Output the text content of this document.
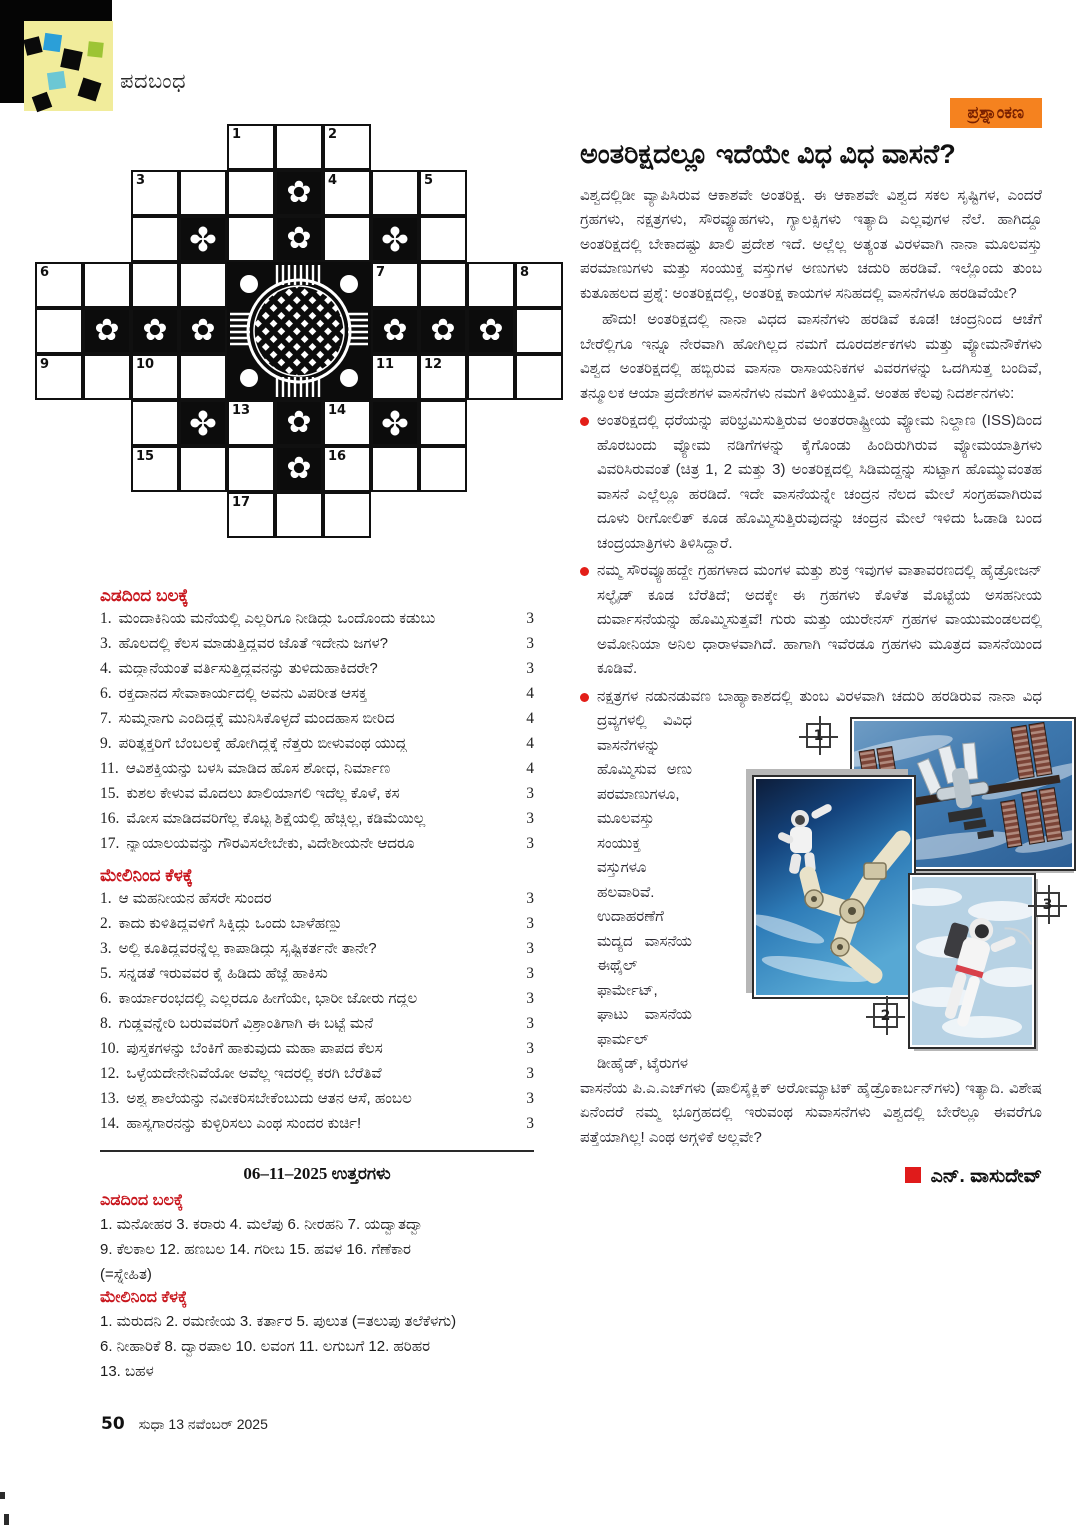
ಪದಬಂಧ
1	2
3	✿ 4	5
✤ ✿ ✤
6	7	8
✿ ✿ ✿	✿ ✿ ✿
9	10	11 12
✤ 13 ✿ 14 ✤
15	✿ 16
17
ಎಡದಿಂದ ಬಲಕ್ಕೆ
1. ಮಂದಾಕಿನಿಯ ಮನೆಯಲ್ಲಿ ಎಲ್ಲರಿಗೂ ನೀಡಿದ್ದು ಒಂದೊಂದು ಕಡುಬು	3
3. ಹೊಲದಲ್ಲಿ ಕೆಲಸ ಮಾಡುತ್ತಿದ್ದವರ ಜೊತೆ ಇದೇನು ಜಗಳ?	3
4. ಮದ್ದಾನೆಯಂತೆ ವರ್ತಿಸುತ್ತಿದ್ದವನನ್ನು ತುಳಿದುಹಾಕಿದರೇ?	3
6. ರಕ್ತದಾನದ ಸೇವಾಕಾರ್ಯದಲ್ಲಿ ಅವನು ವಿಪರೀತ ಆಸಕ್ತ	4
7. ಸುಮ್ಮನಾಗು ಎಂದಿದ್ದಕ್ಕೆ ಮುನಿಸಿಕೊಳ್ಳದೆ ಮಂದಹಾಸ ಬೀರಿದ	4
9. ಪರಿತ್ಯಕ್ತರಿಗೆ ಬೆಂಬಲಕ್ಕೆ ಹೋಗಿದ್ದಕ್ಕೆ ನೆತ್ತರು ಬೀಳುವಂಥ ಯುದ್ಧ	4
11. ಆವಿಶಕ್ತಿಯನ್ನು ಬಳಸಿ ಮಾಡಿದ ಹೊಸ ಶೋಧ, ನಿರ್ಮಾಣ	4
15. ಕುಶಲ ಕೇಳುವ ಮೊದಲು ಖಾಲಿಯಾಗಲಿ ಇದೆಲ್ಲ ಕೊಳೆ, ಕಸ	3
16. ಮೋಸ ಮಾಡಿದವರಿಗೆಲ್ಲ ಕೊಟ್ಟ ಶಿಕ್ಷೆಯಲ್ಲಿ ಹೆಚ್ಚಿಲ್ಲ, ಕಡಿಮೆಯಿಲ್ಲ	3
17. ನ್ಯಾಯಾಲಯವನ್ನು ಗೌರವಿಸಲೇಬೇಕು, ವಿದೇಶೀಯನೇ ಆದರೂ	3
ಮೇಲಿನಿಂದ ಕೆಳಕ್ಕೆ
1. ಆ ಮಹನೀಯನ ಹೆಸರೇ ಸುಂದರ	3
2. ಕಾದು ಕುಳಿತಿದ್ದವಳಿಗೆ ಸಿಕ್ಕಿದ್ದು ಒಂದು ಬಾಳೆಹಣ್ಣು	3
3. ಅಲ್ಲಿ ಕೂತಿದ್ದವರನ್ನೆಲ್ಲ ಕಾಪಾಡಿದ್ದು ಸೃಷ್ಟಿಕರ್ತನೇ ತಾನೇ?	3
5. ಸನ್ನಡತೆ ಇರುವವರ ಕೈ ಹಿಡಿದು ಹೆಜ್ಜೆ ಹಾಕಿಸು	3
6. ಕಾರ್ಯಾರಂಭದಲ್ಲಿ ಎಲ್ಲರದೂ ಹೀಗೆಯೇ, ಭಾರೀ ಜೋರು ಗದ್ದಲ	3
8. ಗುಡ್ಡವನ್ನೇರಿ ಬರುವವರಿಗೆ ವಿಶ್ರಾಂತಿಗಾಗಿ ಈ ಬಟ್ಟೆ ಮನೆ	3
10. ಪುಸ್ತಕಗಳನ್ನು ಬೆಂಕಿಗೆ ಹಾಕುವುದು ಮಹಾ ಪಾಪದ ಕೆಲಸ	3
12. ಒಳ್ಳೆಯದೇನೇನಿವೆಯೋ ಅವೆಲ್ಲ ಇದರಲ್ಲಿ ಕರಗಿ ಬೆರೆತಿವೆ	3
13. ಅಶ್ವ ಶಾಲೆಯನ್ನು ನವೀಕರಿಸಬೇಕೆಂಬುದು ಆತನ ಆಸೆ, ಹಂಬಲ	3
14. ಹಾಸ್ಯಗಾರನನ್ನು ಕುಳ್ಳಿರಿಸಲು ಎಂಥ ಸುಂದರ ಕುರ್ಚಿ!	3
06–11–2025 ಉತ್ತರಗಳು
ಎಡದಿಂದ ಬಲಕ್ಕೆ
1. ಮನೋಹರ 3. ಕರಾರು 4. ಮಲೆಪು 6. ನೀರಹನಿ 7. ಯದ್ವಾತದ್ವಾ
9. ಕೆಲಕಾಲ 12. ಹಣಬಲ 14. ಗರೀಬ 15. ಹವಳ 16. ಗೆಣೆಕಾರ
(=ಸ್ನೇಹಿತ)
ಮೇಲಿನಿಂದ ಕೆಳಕ್ಕೆ
1. ಮರುದನಿ 2. ರಮಣೀಯ 3. ಕರ್ತಾರ 5. ಪುಲುತ (=ತಲುಪು ತಲೆಕೆಳಗು)
6. ನೀಹಾರಿಕೆ 8. ದ್ವಾರಪಾಲ 10. ಲವಂಗ 11. ಲಗುಬಗೆ 12. ಹರಿಹರ
13. ಬಹಳ
50 ಸುಧಾ 13 ನವೆಂಬರ್ 2025
ಪ್ರಶ್ನಾಂಕಣ
ಅಂತರಿಕ್ಷದಲ್ಲೂ ಇದೆಯೇ ವಿಧ ವಿಧ ವಾಸನೆ?

ವಿಶ್ವದಲ್ಲಿಡೀ ವ್ಯಾಪಿಸಿರುವ ಆಕಾಶವೇ ಅಂತರಿಕ್ಷ. ಈ ಆಕಾಶವೇ ವಿಶ್ವದ ಸಕಲ ಸೃಷ್ಟಿಗಳ, ಎಂದರೆ ಗ್ರಹಗಳು, ನಕ್ಷತ್ರಗಳು, ಸೌರವ್ಯೂಹಗಳು, ಗ್ಯಾಲಕ್ಸಿಗಳು ಇತ್ಯಾದಿ ಎಲ್ಲವುಗಳ ನೆಲೆ. ಹಾಗಿದ್ದೂ ಅಂತರಿಕ್ಷದಲ್ಲಿ ಬೇಕಾದಷ್ಟು ಖಾಲಿ ಪ್ರದೇಶ ಇದೆ. ಅಲ್ಲೆಲ್ಲ ಅತ್ಯಂತ ವಿರಳವಾಗಿ ನಾನಾ ಮೂಲವಸ್ತು ಪರಮಾಣುಗಳು ಮತ್ತು ಸಂಯುಕ್ತ ವಸ್ತುಗಳ ಅಣುಗಳು ಚದುರಿ ಹರಡಿವೆ. ಇಲ್ಲೊಂದು ತುಂಬ ಕುತೂಹಲದ ಪ್ರಶ್ನೆ: ಅಂತರಿಕ್ಷದಲ್ಲಿ, ಅಂತರಿಕ್ಷ ಕಾಯಗಳ ಸನಿಹದಲ್ಲಿ ವಾಸನೆಗಳೂ ಹರಡಿವೆಯೇ?

ಹೌದು! ಅಂತರಿಕ್ಷದಲ್ಲಿ ನಾನಾ ವಿಧದ ವಾಸನೆಗಳು ಹರಡಿವೆ ಕೂಡ! ಚಂದ್ರನಿಂದ ಆಚೆಗೆ ಬೇರೆಲ್ಲಿಗೂ ಇನ್ನೂ ನೇರವಾಗಿ ಹೋಗಿಲ್ಲದ ನಮಗೆ ದೂರದರ್ಶಕಗಳು ಮತ್ತು ವ್ಯೋಮನೌಕೆಗಳು ವಿಶ್ವದ ಅಂತರಿಕ್ಷದಲ್ಲಿ ಹಬ್ಬಿರುವ ವಾಸನಾ ರಾಸಾಯನಿಕಗಳ ವಿವರಗಳನ್ನು ಒದಗಿಸುತ್ತ ಬಂದಿವೆ, ತನ್ಮೂಲಕ ಆಯಾ ಪ್ರದೇಶಗಳ ವಾಸನೆಗಳು ನಮಗೆ ತಿಳಿಯುತ್ತಿವೆ. ಅಂತಹ ಕೆಲವು ನಿದರ್ಶನಗಳು:

ಅಂತರಿಕ್ಷದಲ್ಲಿ ಧರೆಯನ್ನು ಪರಿಭ್ರಮಿಸುತ್ತಿರುವ ಅಂತರರಾಷ್ಟ್ರೀಯ ವ್ಯೋಮ ನಿಲ್ದಾಣ (ISS)ದಿಂದ ಹೊರಬಂದು ವ್ಯೋಮ ನಡಿಗೆಗಳನ್ನು ಕೈಗೊಂಡು ಹಿಂದಿರುಗಿರುವ ವ್ಯೋಮಯಾತ್ರಿಗಳು ವಿವರಿಸಿರುವಂತೆ (ಚಿತ್ರ 1, 2 ಮತ್ತು 3) ಅಂತರಿಕ್ಷದಲ್ಲಿ ಸಿಡಿಮದ್ದನ್ನು ಸುಟ್ಟಾಗ ಹೊಮ್ಮುವಂತಹ ವಾಸನೆ ಎಲ್ಲೆಲ್ಲೂ ಹರಡಿದೆ. ಇದೇ ವಾಸನೆಯನ್ನೇ ಚಂದ್ರನ ನೆಲದ ಮೇಲೆ ಸಂಗ್ರಹವಾಗಿರುವ ದೂಳು ರೀಗೋಲಿತ್ ಕೂಡ ಹೊಮ್ಮಿಸುತ್ತಿರುವುದನ್ನು ಚಂದ್ರನ ಮೇಲೆ ಇಳಿದು ಓಡಾಡಿ ಬಂದ ಚಂದ್ರಯಾತ್ರಿಗಳು ತಿಳಿಸಿದ್ದಾರೆ.
ನಮ್ಮ ಸೌರವ್ಯೂಹದ್ದೇ ಗ್ರಹಗಳಾದ ಮಂಗಳ ಮತ್ತು ಶುಕ್ರ ಇವುಗಳ ವಾತಾವರಣದಲ್ಲಿ ಹೈಡ್ರೋಜನ್ ಸಲ್ಫೈಡ್ ಕೂಡ ಬೆರೆತಿದೆ; ಅದಕ್ಕೇ ಈ ಗ್ರಹಗಳು ಕೊಳೆತ ಮೊಟ್ಟೆಯ ಅಸಹನೀಯ ದುರ್ವಾಸನೆಯನ್ನು ಹೊಮ್ಮಿಸುತ್ತವೆ! ಗುರು ಮತ್ತು ಯುರೇನಸ್ ಗ್ರಹಗಳ ವಾಯುಮಂಡಲದಲ್ಲಿ ಅಮೋನಿಯಾ ಅನಿಲ ಧಾರಾಳವಾಗಿದೆ. ಹಾಗಾಗಿ ಇವೆರಡೂ ಗ್ರಹಗಳು ಮೂತ್ರದ ವಾಸನೆಯಿಂದ ಕೂಡಿವೆ.
ನಕ್ಷತ್ರಗಳ ನಡುನಡುವಣ ಬಾಹ್ಯಾಕಾಶದಲ್ಲಿ ತುಂಬ ವಿರಳವಾಗಿ
1
2
3
ಚದುರಿ ಹರಡಿರುವ ನಾನಾ ವಿಧ ದ್ರವ್ಯಗಳಲ್ಲಿ ವಿವಿಧ ವಾಸನೆಗಳನ್ನು ಹೊಮ್ಮಿಸುವ ಅಣು ಪರಮಾಣುಗಳೂ, ಮೂಲವಸ್ತು ಸಂಯುಕ್ತ ವಸ್ತುಗಳೂ ಹಲವಾರಿವೆ. ಉದಾಹರಣೆಗೆ ಮದ್ಯದ ವಾಸನೆಯ ಈಥೈಲ್ ಫಾರ್ಮೇಟ್, ಘಾಟು ವಾಸನೆಯ ಫಾರ್ಮಲ್ ಡೀಹೈಡ್, ಟೈರುಗಳ

ವಾಸನೆಯ ಪಿ.ಎ.ಎಚ್‌ಗಳು (ಪಾಲಿಸೈಕ್ಲಿಕ್ ಅರೋಮ್ಯಾಟಿಕ್ ಹೈಡ್ರೊಕಾರ್ಬನ್‌ಗಳು) ಇತ್ಯಾದಿ. ವಿಶೇಷ ಏನೆಂದರೆ ನಮ್ಮ ಭೂಗ್ರಹದಲ್ಲಿ ಇರುವಂಥ ಸುವಾಸನೆಗಳು ವಿಶ್ವದಲ್ಲಿ ಬೇರೆಲ್ಲೂ ಈವರೆಗೂ ಪತ್ತೆಯಾಗಿಲ್ಲ! ಎಂಥ ಅಗ್ಗಳಿಕೆ ಅಲ್ಲವೇ?

ಎನ್. ವಾಸುದೇವ್
